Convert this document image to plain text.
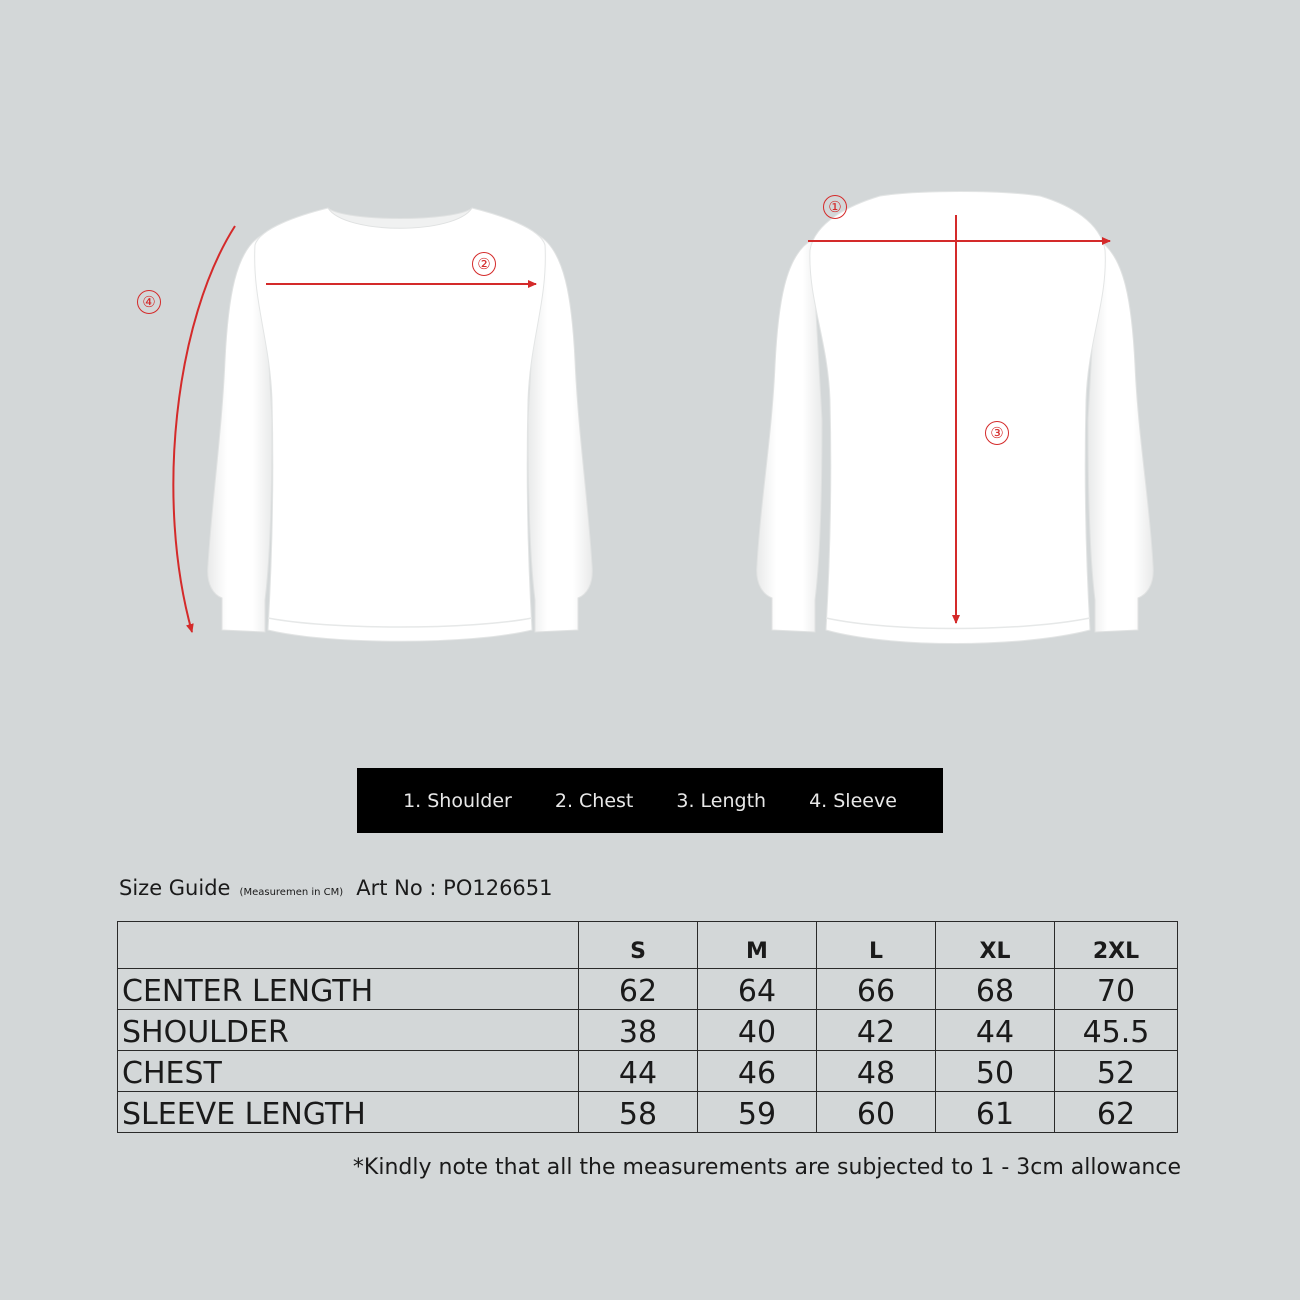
④
②
①
③
1. Shoulder 2. Chest 3. Length 4. Sleeve
Size Guide (Measuremen in CM) Art No : PO126651
	S	M	L	XL	2XL
CENTER LENGTH	62	64	66	68	70
SHOULDER	38	40	42	44	45.5
CHEST	44	46	48	50	52
SLEEVE LENGTH	58	59	60	61	62
*Kindly note that all the measurements are subjected to 1 - 3cm allowance
